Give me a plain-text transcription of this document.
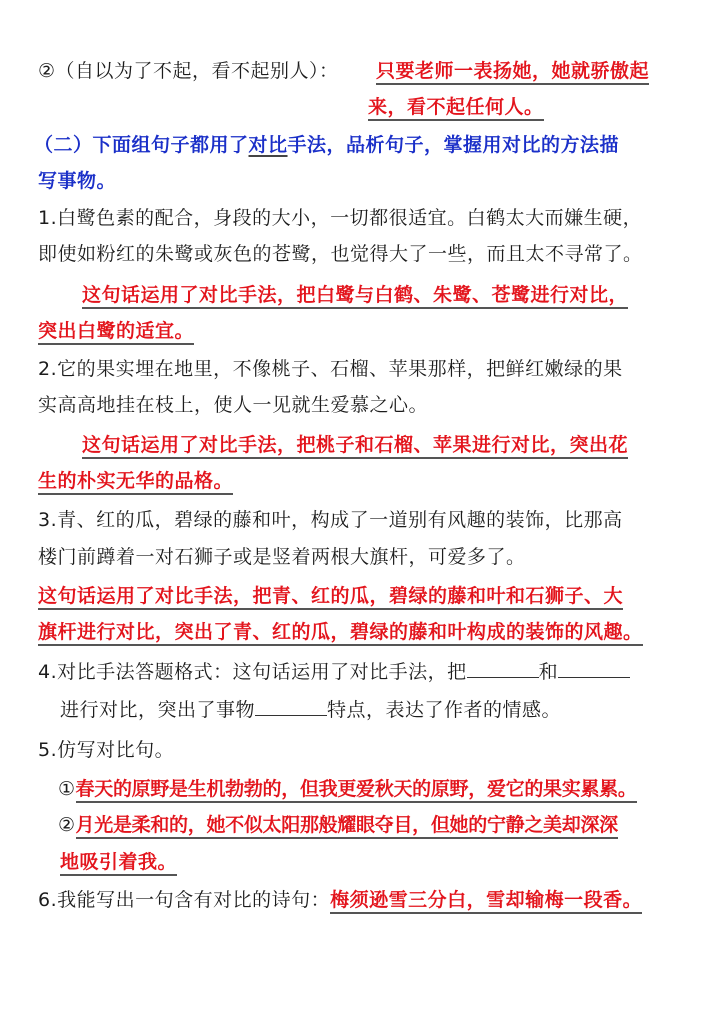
②（自以为了不起，看不起别人）： 只要老师一表扬她，她就骄傲起
来，看不起任何人。
（二）下面组句子都用了对比手法，品析句子，掌握用对比的方法描
写事物。
1.白鹭色素的配合，身段的大小，一切都很适宜。白鹤太大而嫌生硬，
即使如粉红的朱鹭或灰色的苍鹭，也觉得大了一些，而且太不寻常了。
这句话运用了对比手法，把白鹭与白鹤、朱鹭、苍鹭进行对比，
突出白鹭的适宜。
2.它的果实埋在地里，不像桃子、石榴、苹果那样，把鲜红嫩绿的果
实高高地挂在枝上，使人一见就生爱慕之心。
这句话运用了对比手法，把桃子和石榴、苹果进行对比，突出花
生的朴实无华的品格。
3.青、红的瓜，碧绿的藤和叶，构成了一道别有风趣的装饰，比那高
楼门前蹲着一对石狮子或是竖着两根大旗杆，可爱多了。
这句话运用了对比手法，把青、红的瓜，碧绿的藤和叶和石狮子、大
旗杆进行对比，突出了青、红的瓜，碧绿的藤和叶构成的装饰的风趣。
4.对比手法答题格式：这句话运用了对比手法，把	和
进行对比，突出了事物	特点，表达了作者的情感。
5.仿写对比句。
①春天的原野是生机勃勃的，但我更爱秋天的原野，爱它的果实累累。
②月光是柔和的，她不似太阳那般耀眼夺目，但她的宁静之美却深深
地吸引着我。
6.我能写出一句含有对比的诗句：梅须逊雪三分白，雪却输梅一段香。
